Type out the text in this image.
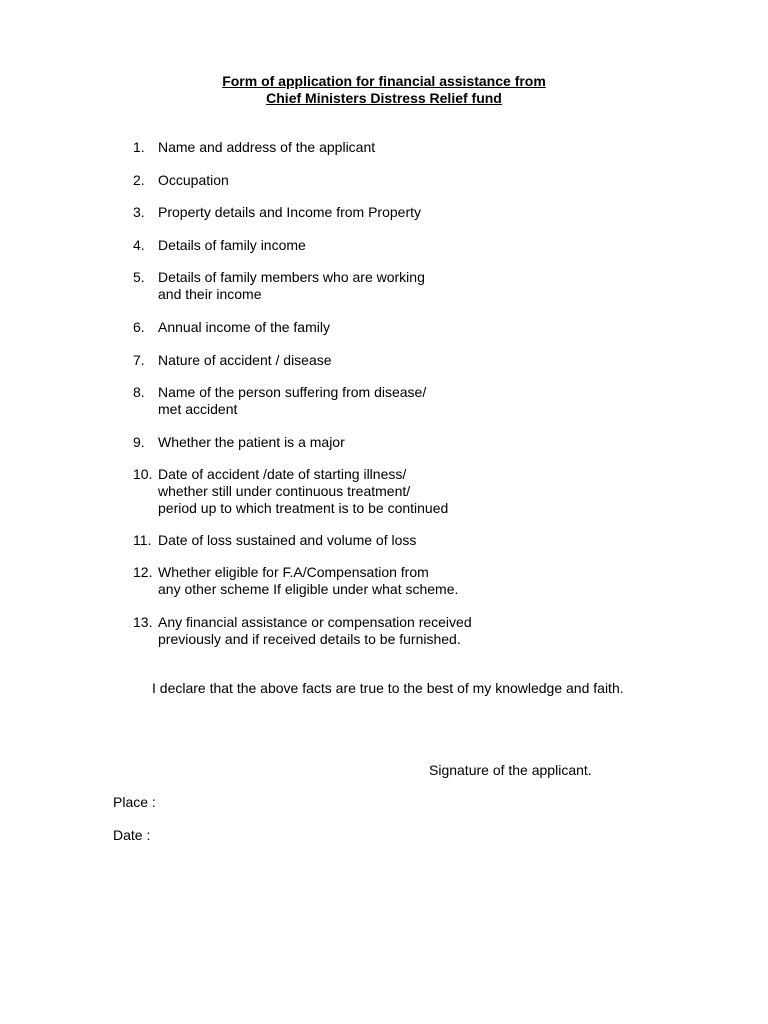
Form of application for financial assistance from
Chief Ministers Distress Relief fund
1. Name and address of the applicant
2. Occupation
3. Property details and Income from Property
4. Details of family income
5. Details of family members who are working
and their income
6. Annual income of the family
7. Nature of accident / disease
8. Name of the person suffering from disease/
met accident
9. Whether the patient is a major
10. Date of accident /date of starting illness/
whether still under continuous treatment/
period up to which treatment is to be continued
11. Date of loss sustained and volume of loss
12. Whether eligible for F.A/Compensation from
any other scheme If eligible under what scheme.
13. Any financial assistance or compensation received
previously and if received details to be furnished.
I declare that the above facts are true to the best of my knowledge and faith.
Signature of the applicant.
Place :
Date :
